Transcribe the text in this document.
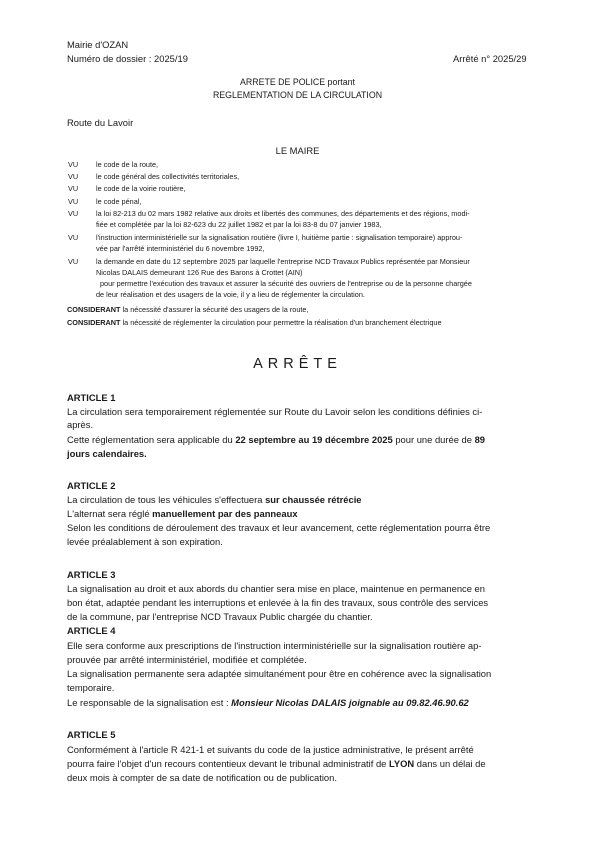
Mairie d'OZAN
Numéro de dossier : 2025/19	Arrêté n° 2025/29
ARRETE DE POLICE portant
REGLEMENTATION DE LA CIRCULATION
Route du Lavoir
LE MAIRE
VU le code de la route,
VU le code général des collectivités territoriales,
VU le code de la voirie routière,
VU le code pénal,
VU la loi 82-213 du 02 mars 1982 relative aux droits et libertés des communes, des départements et des régions, modi-
fiée et complétée par la loi 82-623 du 22 juillet 1982 et par la loi 83-8 du 07 janvier 1983,
VU l'instruction interministérielle sur la signalisation routière (livre I, huitième partie : signalisation temporaire) approu-
vée par l'arrêté interministériel du 6 novembre 1992,
VU la demande en date du 12 septembre 2025 par laquelle l'entreprise NCD Travaux Publics représentée par Monsieur
Nicolas DALAIS demeurant 126 Rue des Barons à Crottet (AIN)
pour permettre l'exécution des travaux et assurer la sécurité des ouvriers de l'entreprise ou de la personne chargée
de leur réalisation et des usagers de la voie, il y a lieu de réglementer la circulation.
CONSIDERANT la nécessité d'assurer la sécurité des usagers de la route,
CONSIDERANT la nécessité de réglementer la circulation pour permettre la réalisation d'un branchement électrique
ARRÊTE
ARTICLE 1
La circulation sera temporairement réglementée sur Route du Lavoir selon les conditions définies ci-
après.
Cette réglementation sera applicable du 22 septembre au 19 décembre 2025 pour une durée de 89
jours calendaires.
ARTICLE 2
La circulation de tous les véhicules s'effectuera sur chaussée rétrécie
L'alternat sera réglé manuellement par des panneaux
Selon les conditions de déroulement des travaux et leur avancement, cette réglementation pourra être
levée préalablement à son expiration.
ARTICLE 3
La signalisation au droit et aux abords du chantier sera mise en place, maintenue en permanence en
bon état, adaptée pendant les interruptions et enlevée à la fin des travaux, sous contrôle des services
de la commune, par l'entreprise NCD Travaux Public chargée du chantier.
ARTICLE 4
Elle sera conforme aux prescriptions de l'instruction interministérielle sur la signalisation routière ap-
prouvée par arrêté interministériel, modifiée et complétée.
La signalisation permanente sera adaptée simultanément pour être en cohérence avec la signalisation
temporaire.
Le responsable de la signalisation est : Monsieur Nicolas DALAIS joignable au 09.82.46.90.62
ARTICLE 5
Conformément à l'article R 421-1 et suivants du code de la justice administrative, le présent arrêté
pourra faire l'objet d'un recours contentieux devant le tribunal administratif de LYON dans un délai de
deux mois à compter de sa date de notification ou de publication.
